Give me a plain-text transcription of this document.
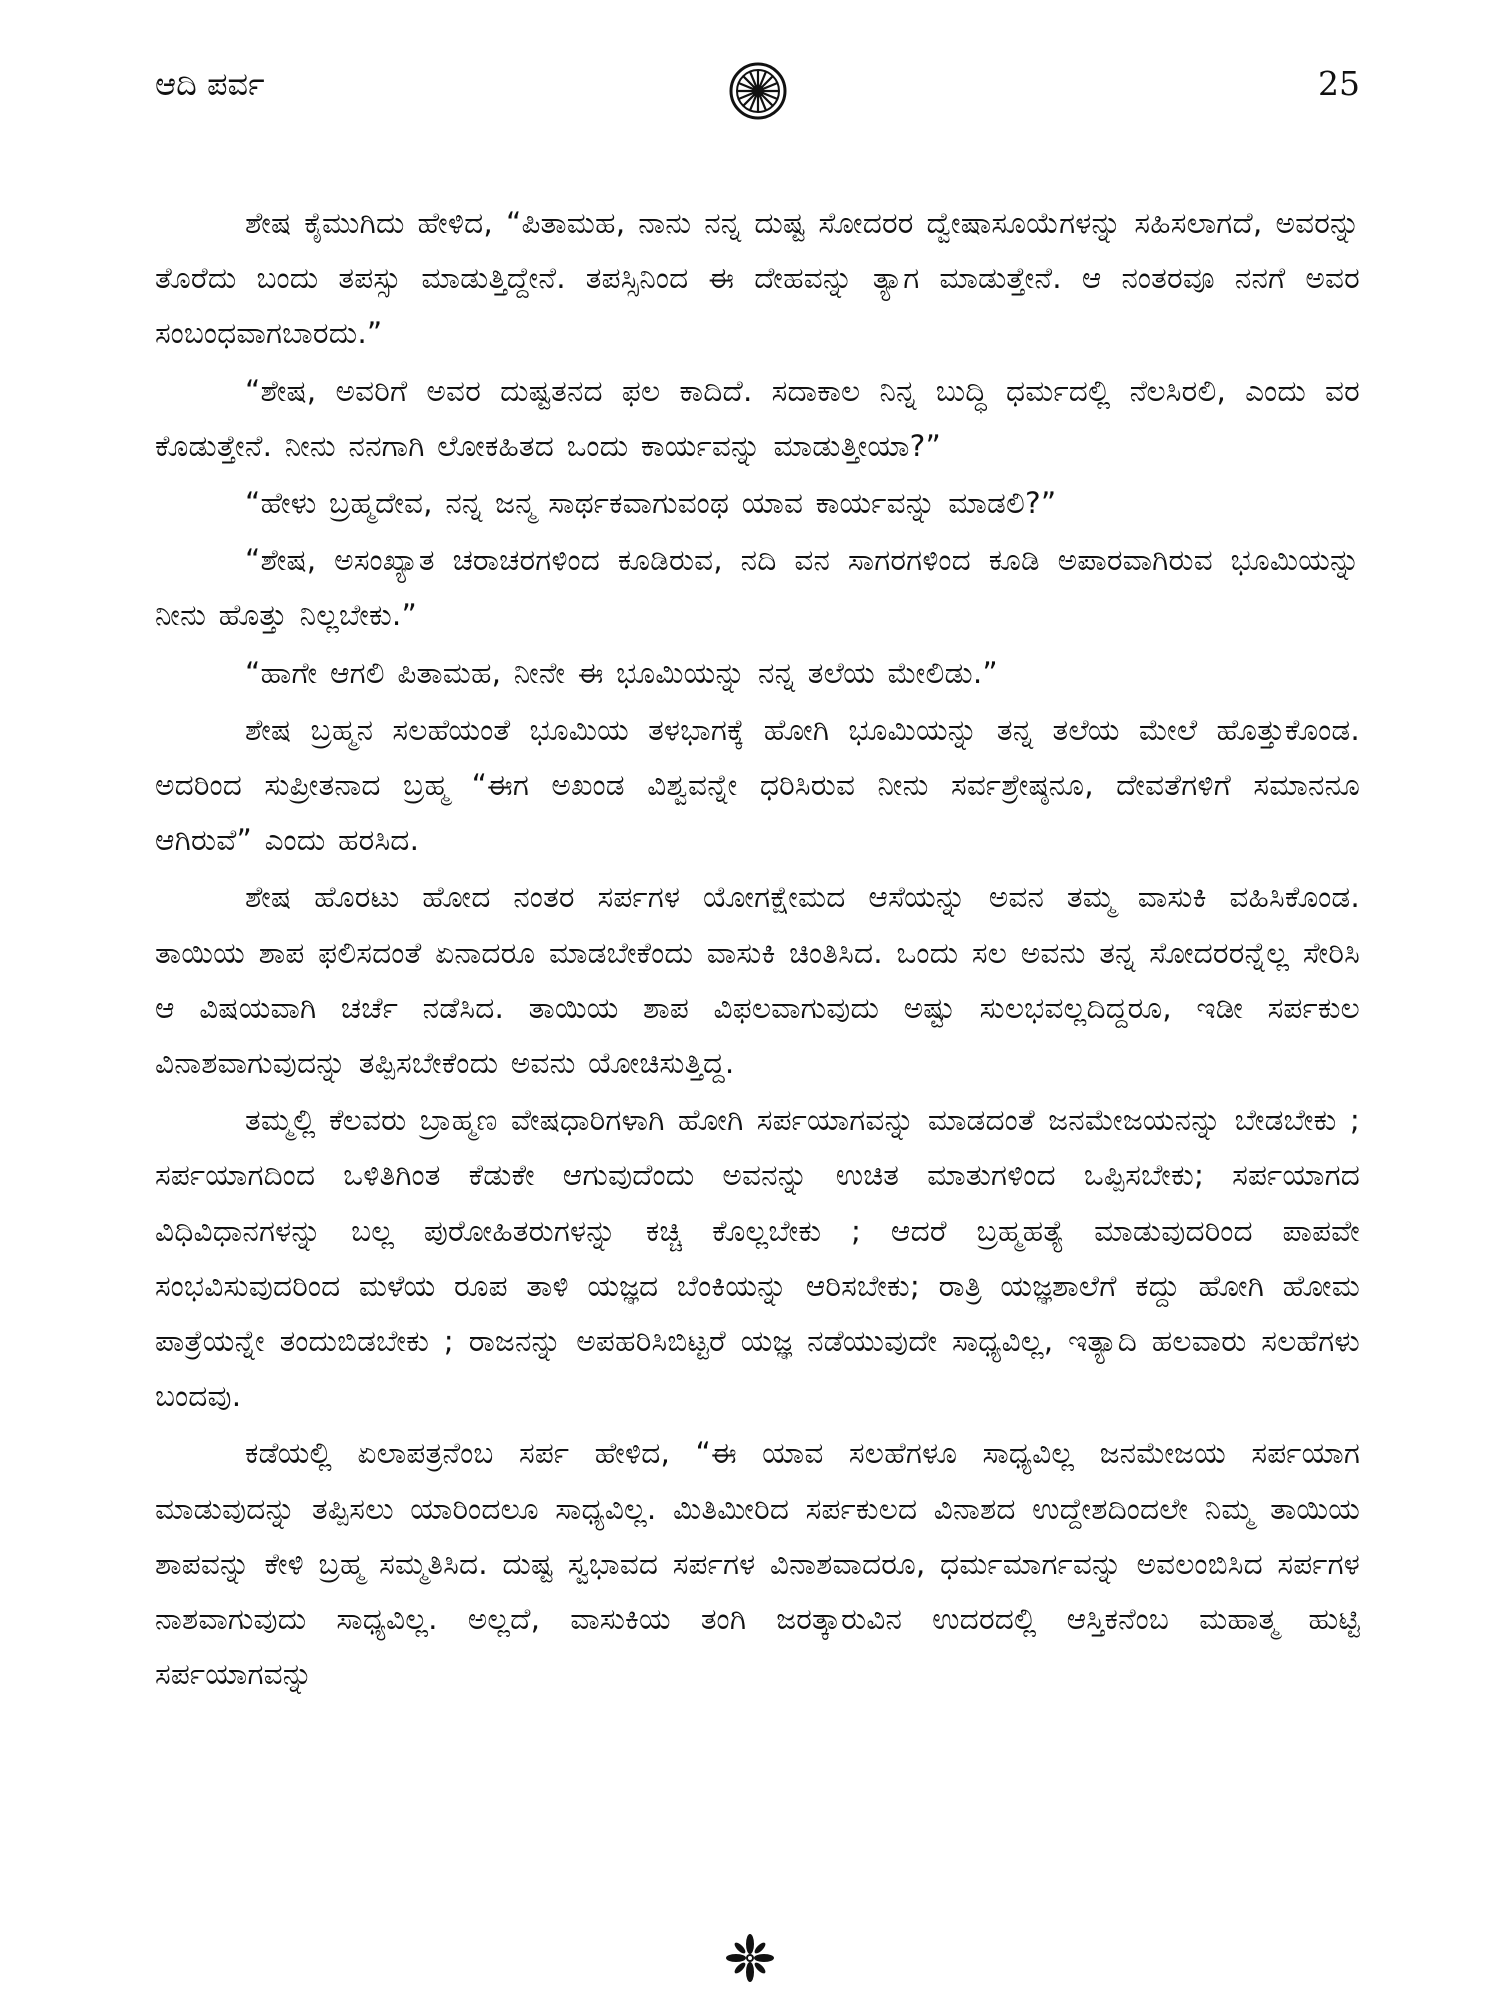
ಆದಿ ಪರ್ವ	25

ಶೇಷ ಕೈಮುಗಿದು ಹೇಳಿದ, “ಪಿತಾಮಹ, ನಾನು ನನ್ನ ದುಷ್ಟ ಸೋದರರ ದ್ವೇಷಾಸೂಯೆಗಳನ್ನು ಸಹಿಸಲಾಗದೆ, ಅವರನ್ನು ತೊರೆದು ಬಂದು ತಪಸ್ಸು ಮಾಡುತ್ತಿದ್ದೇನೆ. ತಪಸ್ಸಿನಿಂದ ಈ ದೇಹವನ್ನು ತ್ಯಾಗ ಮಾಡುತ್ತೇನೆ. ಆ ನಂತರವೂ ನನಗೆ ಅವರ ಸಂಬಂಧವಾಗಬಾರದು.”

“ಶೇಷ, ಅವರಿಗೆ ಅವರ ದುಷ್ಟತನದ ಫಲ ಕಾದಿದೆ. ಸದಾಕಾಲ ನಿನ್ನ ಬುದ್ಧಿ ಧರ್ಮದಲ್ಲಿ ನೆಲಸಿರಲಿ, ಎಂದು ವರ ಕೊಡುತ್ತೇನೆ. ನೀನು ನನಗಾಗಿ ಲೋಕಹಿತದ ಒಂದು ಕಾರ್ಯವನ್ನು ಮಾಡುತ್ತೀಯಾ?”

“ಹೇಳು ಬ್ರಹ್ಮದೇವ, ನನ್ನ ಜನ್ಮ ಸಾರ್ಥಕವಾಗುವಂಥ ಯಾವ ಕಾರ್ಯವನ್ನು ಮಾಡಲಿ?”

“ಶೇಷ, ಅಸಂಖ್ಯಾತ ಚರಾಚರಗಳಿಂದ ಕೂಡಿರುವ, ನದಿ ವನ ಸಾಗರಗಳಿಂದ ಕೂಡಿ ಅಪಾರವಾಗಿರುವ ಭೂಮಿಯನ್ನು ನೀನು ಹೊತ್ತು ನಿಲ್ಲಬೇಕು.”

“ಹಾಗೇ ಆಗಲಿ ಪಿತಾಮಹ, ನೀನೇ ಈ ಭೂಮಿಯನ್ನು ನನ್ನ ತಲೆಯ ಮೇಲಿಡು.”

ಶೇಷ ಬ್ರಹ್ಮನ ಸಲಹೆಯಂತೆ ಭೂಮಿಯ ತಳಭಾಗಕ್ಕೆ ಹೋಗಿ ಭೂಮಿಯನ್ನು ತನ್ನ ತಲೆಯ ಮೇಲೆ ಹೊತ್ತುಕೊಂಡ. ಅದರಿಂದ ಸುಪ್ರೀತನಾದ ಬ್ರಹ್ಮ “ಈಗ ಅಖಂಡ ವಿಶ್ವವನ್ನೇ ಧರಿಸಿರುವ ನೀನು ಸರ್ವಶ್ರೇಷ್ಠನೂ, ದೇವತೆಗಳಿಗೆ ಸಮಾನನೂ ಆಗಿರುವೆ” ಎಂದು ಹರಸಿದ.

ಶೇಷ ಹೊರಟು ಹೋದ ನಂತರ ಸರ್ಪಗಳ ಯೋಗಕ್ಷೇಮದ ಆಸೆಯನ್ನು ಅವನ ತಮ್ಮ ವಾಸುಕಿ ವಹಿಸಿಕೊಂಡ. ತಾಯಿಯ ಶಾಪ ಫಲಿಸದಂತೆ ಏನಾದರೂ ಮಾಡಬೇಕೆಂದು ವಾಸುಕಿ ಚಿಂತಿಸಿದ. ಒಂದು ಸಲ ಅವನು ತನ್ನ ಸೋದರರನ್ನೆಲ್ಲ ಸೇರಿಸಿ ಆ ವಿಷಯವಾಗಿ ಚರ್ಚೆ ನಡೆಸಿದ. ತಾಯಿಯ ಶಾಪ ವಿಫಲವಾಗುವುದು ಅಷ್ಟು ಸುಲಭವಲ್ಲದಿದ್ದರೂ, ಇಡೀ ಸರ್ಪಕುಲ ವಿನಾಶವಾಗುವುದನ್ನು ತಪ್ಪಿಸಬೇಕೆಂದು ಅವನು ಯೋಚಿಸುತ್ತಿದ್ದ.

ತಮ್ಮಲ್ಲಿ ಕೆಲವರು ಬ್ರಾಹ್ಮಣ ವೇಷಧಾರಿಗಳಾಗಿ ಹೋಗಿ ಸರ್ಪಯಾಗವನ್ನು ಮಾಡದಂತೆ ಜನಮೇಜಯನನ್ನು ಬೇಡಬೇಕು ; ಸರ್ಪಯಾಗದಿಂದ ಒಳಿತಿಗಿಂತ ಕೆಡುಕೇ ಆಗುವುದೆಂದು ಅವನನ್ನು ಉಚಿತ ಮಾತುಗಳಿಂದ ಒಪ್ಪಿಸಬೇಕು; ಸರ್ಪಯಾಗದ ವಿಧಿವಿಧಾನಗಳನ್ನು ಬಲ್ಲ ಪುರೋಹಿತರುಗಳನ್ನು ಕಚ್ಚಿ ಕೊಲ್ಲಬೇಕು ; ಆದರೆ ಬ್ರಹ್ಮಹತ್ಯೆ ಮಾಡುವುದರಿಂದ ಪಾಪವೇ ಸಂಭವಿಸುವುದರಿಂದ ಮಳೆಯ ರೂಪ ತಾಳಿ ಯಜ್ಞದ ಬೆಂಕಿಯನ್ನು ಆರಿಸಬೇಕು; ರಾತ್ರಿ ಯಜ್ಞಶಾಲೆಗೆ ಕದ್ದು ಹೋಗಿ ಹೋಮ ಪಾತ್ರೆಯನ್ನೇ ತಂದುಬಿಡಬೇಕು ; ರಾಜನನ್ನು ಅಪಹರಿಸಿಬಿಟ್ಟರೆ ಯಜ್ಞ ನಡೆಯುವುದೇ ಸಾಧ್ಯವಿಲ್ಲ, ಇತ್ಯಾದಿ ಹಲವಾರು ಸಲಹೆಗಳು ಬಂದವು.

ಕಡೆಯಲ್ಲಿ ಏಲಾಪತ್ರನೆಂಬ ಸರ್ಪ ಹೇಳಿದ, “ಈ ಯಾವ ಸಲಹೆಗಳೂ ಸಾಧ್ಯವಿಲ್ಲ ಜನಮೇಜಯ ಸರ್ಪಯಾಗ ಮಾಡುವುದನ್ನು ತಪ್ಪಿಸಲು ಯಾರಿಂದಲೂ ಸಾಧ್ಯವಿಲ್ಲ. ಮಿತಿಮೀರಿದ ಸರ್ಪಕುಲದ ವಿನಾಶದ ಉದ್ದೇಶದಿಂದಲೇ ನಿಮ್ಮ ತಾಯಿಯ ಶಾಪವನ್ನು ಕೇಳಿ ಬ್ರಹ್ಮ ಸಮ್ಮತಿಸಿದ. ದುಷ್ಟ ಸ್ವಭಾವದ ಸರ್ಪಗಳ ವಿನಾಶವಾದರೂ, ಧರ್ಮಮಾರ್ಗವನ್ನು ಅವಲಂಬಿಸಿದ ಸರ್ಪಗಳ ನಾಶವಾಗುವುದು ಸಾಧ್ಯವಿಲ್ಲ. ಅಲ್ಲದೆ, ವಾಸುಕಿಯ ತಂಗಿ ಜರತ್ಕಾರುವಿನ ಉದರದಲ್ಲಿ ಆಸ್ತಿಕನೆಂಬ ಮಹಾತ್ಮ ಹುಟ್ಟಿ ಸರ್ಪಯಾಗವನ್ನು
